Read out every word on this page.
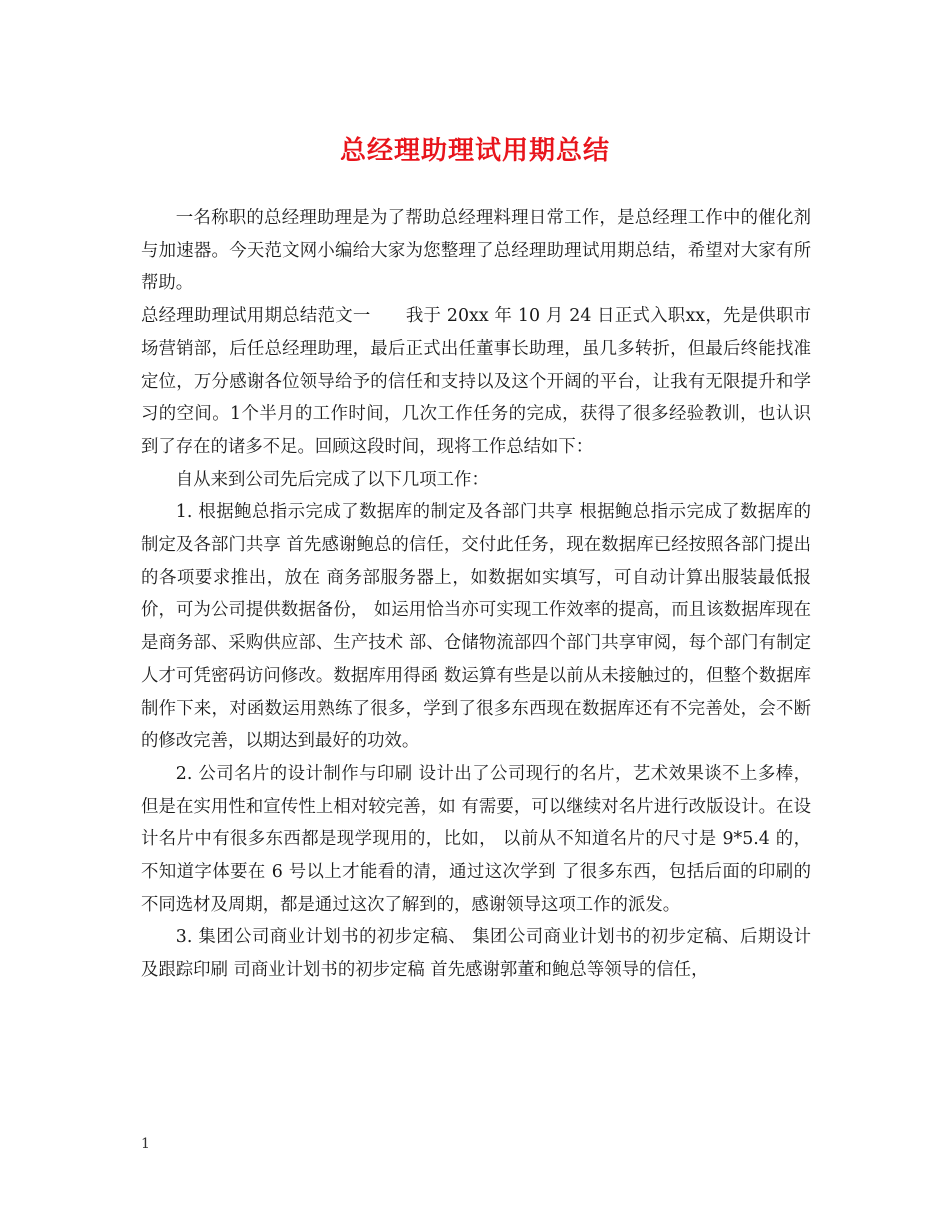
总经理助理试用期总结

一名称职的总经理助理是为了帮助总经理料理日常工作，是总经理工作中的催化剂与加速器。今天范文网小编给大家为您整理了总经理助理试用期总结，希望对大家有所帮助。

总经理助理试用期总结范文一　　我于 20xx 年 10 月 24 日正式入职xx，先是供职市场营销部，后任总经理助理，最后正式出任董事长助理，虽几多转折，但最后终能找准定位，万分感谢各位领导给予的信任和支持以及这个开阔的平台，让我有无限提升和学习的空间。1个半月的工作时间，几次工作任务的完成，获得了很多经验教训，也认识到了存在的诸多不足。回顾这段时间，现将工作总结如下：

自从来到公司先后完成了以下几项工作：

1. 根据鲍总指示完成了数据库的制定及各部门共享 根据鲍总指示完成了数据库的制定及各部门共享 首先感谢鲍总的信任，交付此任务，现在数据库已经按照各部门提出的各项要求推出，放在 商务部服务器上，如数据如实填写，可自动计算出服装最低报价，可为公司提供数据备份， 如运用恰当亦可实现工作效率的提高，而且该数据库现在是商务部、采购供应部、生产技术 部、仓储物流部四个部门共享审阅，每个部门有制定人才可凭密码访问修改。数据库用得函 数运算有些是以前从未接触过的，但整个数据库制作下来，对函数运用熟练了很多，学到了很多东西现在数据库还有不完善处，会不断的修改完善，以期达到最好的功效。

2. 公司名片的设计制作与印刷 设计出了公司现行的名片，艺术效果谈不上多棒，但是在实用性和宣传性上相对较完善，如 有需要，可以继续对名片进行改版设计。在设计名片中有很多东西都是现学现用的，比如， 以前从不知道名片的尺寸是 9*5.4 的，不知道字体要在 6 号以上才能看的清，通过这次学到 了很多东西，包括后面的印刷的不同选材及周期，都是通过这次了解到的，感谢领导这项工作的派发。

3. 集团公司商业计划书的初步定稿、 集团公司商业计划书的初步定稿、后期设计及跟踪印刷 司商业计划书的初步定稿 首先感谢郭董和鲍总等领导的信任，

1
